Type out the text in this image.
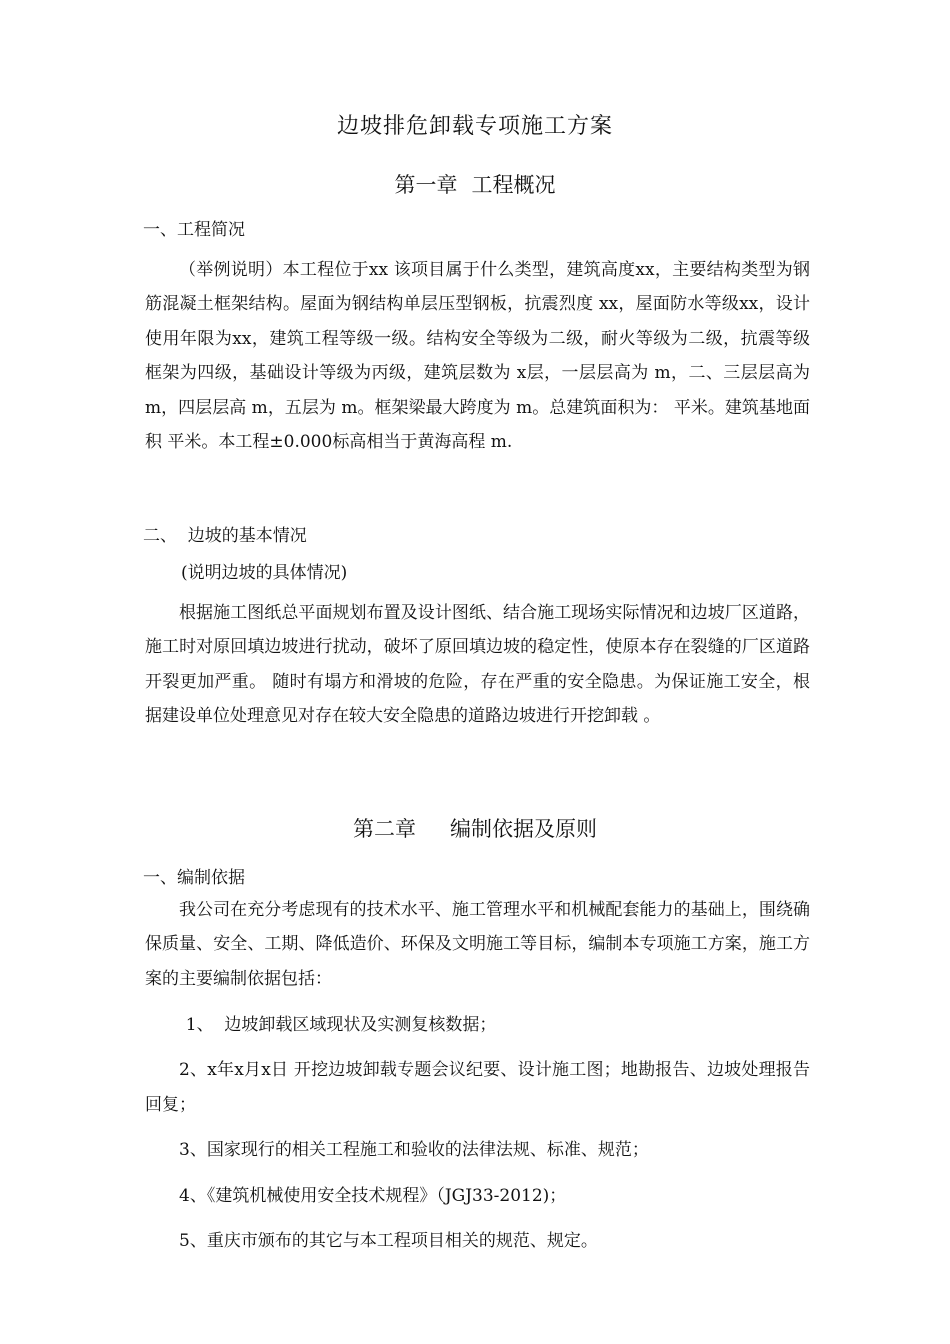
边坡排危卸载专项施工方案
第一章 工程概况
一、工程简况

（举例说明）本工程位于xx 该项目属于什么类型，建筑高度xx，主要结构类型为钢筋混凝土框架结构。屋面为钢结构单层压型钢板，抗震烈度 xx，屋面防水等级xx，设计使用年限为xx，建筑工程等级一级。结构安全等级为二级，耐火等级为二级，抗震等级框架为四级，基础设计等级为丙级，建筑层数为 x层，一层层高为 m，二、三层层高为 m，四层层高 m，五层为 m。框架梁最大跨度为 m。总建筑面积为： 平米。建筑基地面积 平米。本工程±0.000标高相当于黄海高程 m.

二、  边坡的基本情况
(说明边坡的具体情况)

根据施工图纸总平面规划布置及设计图纸、结合施工现场实际情况和边坡厂区道路， 施工时对原回填边坡进行扰动，破坏了原回填边坡的稳定性，使原本存在裂缝的厂区道路开裂更加严重。 随时有塌方和滑坡的危险，存在严重的安全隐患。为保证施工安全，根据建设单位处理意见对存在较大安全隐患的道路边坡进行开挖卸载 。

第二章 编制依据及原则
一、编制依据

我公司在充分考虑现有的技术水平、施工管理水平和机械配套能力的基础上，围绕确保质量、安全、工期、降低造价、环保及文明施工等目标，编制本专项施工方案，施工方案的主要编制依据包括：

1、  边坡卸载区域现状及实测复核数据；
2、x年x月x日 开挖边坡卸载专题会议纪要、设计施工图；地勘报告、边坡处理报告回复；
3、国家现行的相关工程施工和验收的法律法规、标准、规范；
4、《建筑机械使用安全技术规程》（JGJ33-2012)；
5、重庆市颁布的其它与本工程项目相关的规范、规定。
